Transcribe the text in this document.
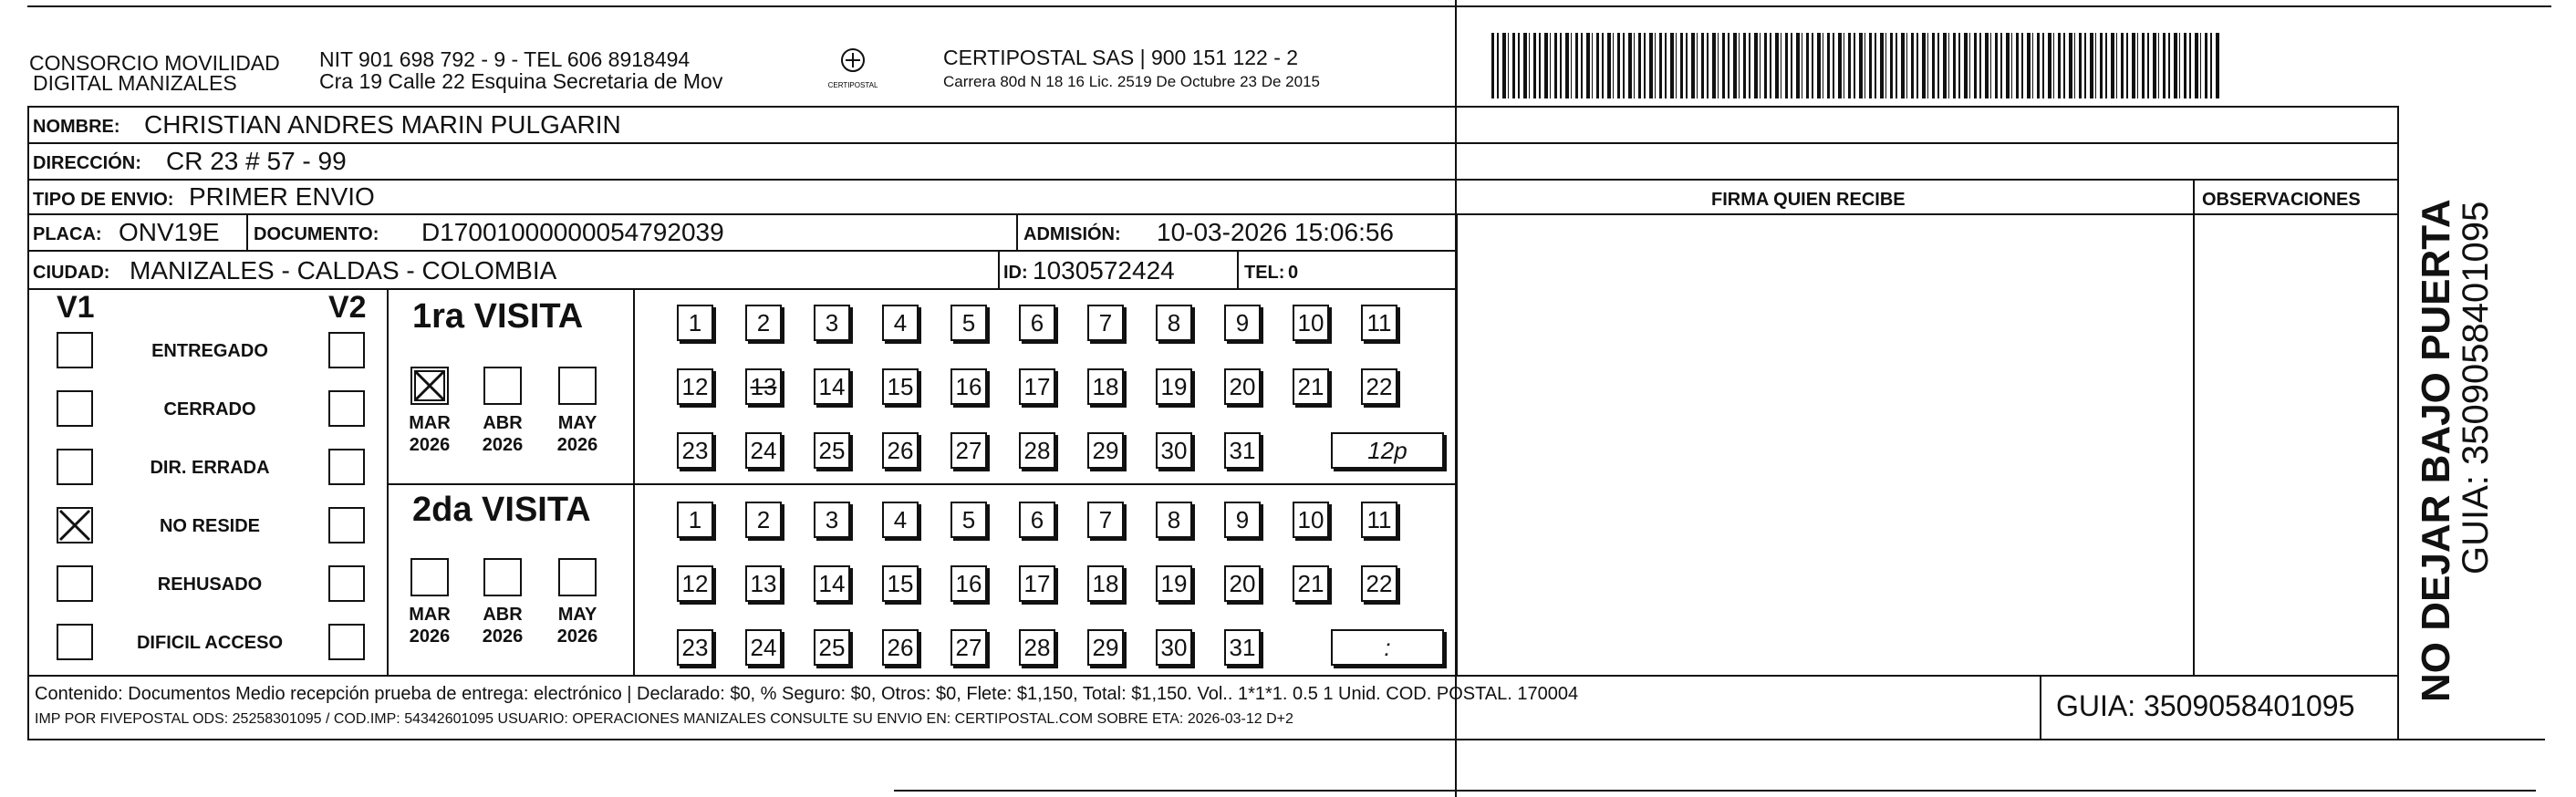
CONSORCIO MOVILIDAD
DIGITAL MANIZALES
NIT 901 698 792 - 9 - TEL 606 8918494
Cra 19 Calle 22 Esquina Secretaria de Mov	CERTIPOSTAL
CERTIPOSTAL SAS | 900 151 122 - 2
Carrera 80d N 18 16 Lic. 2519 De Octubre 23 De 2015
NOMBRE: CHRISTIAN ANDRES MARIN PULGARIN
DIRECCIÓN: CR 23 # 57 - 99
TIPO DE ENVIO: PRIMER ENVIO
PLACA: ONV19E DOCUMENTO: D17001000000054792039	ADMISIÓN: 10-03-2026 15:06:56
CIUDAD: MANIZALES - CALDAS - COLOMBIA	ID: 1030572424	TEL: 0
FIRMA QUIEN RECIBE	OBSERVACIONES
V1	V2
ENTREGADO
CERRADO
DIR. ERRADA
NO RESIDE
REHUSADO
DIFICIL ACCESO
1ra VISITA
MAR
2026
ABR
2026
MAY
2026
1	2	3	4	5	6	7	8	9	10 11
12 13 14 15 16 17 18 19 20 21 22
23 24 25 26 27 28 29 30 31	12p
2da VISITA
MAR
2026
ABR
2026
MAY
2026
1	2	3	4	5	6	7	8	9	10 11
12 13 14 15 16 17 18 19 20 21 22
23 24 25 26 27 28 29 30 31	:
Contenido: Documentos Medio recepción prueba de entrega: electrónico | Declarado: $0, % Seguro: $0, Otros: $0, Flete: $1,150, Total: $1,150. Vol.. 1*1*1. 0.5 1 Unid. COD. POSTAL. 170004
IMP POR FIVEPOSTAL ODS: 25258301095 / COD.IMP: 54342601095 USUARIO: OPERACIONES MANIZALES CONSULTE SU ENVIO EN: CERTIPOSTAL.COM SOBRE ETA: 2026-03-12 D+2	GUIA: 3509058401095
NO DEJAR BAJO PUERTA
GUIA: 3509058401095
